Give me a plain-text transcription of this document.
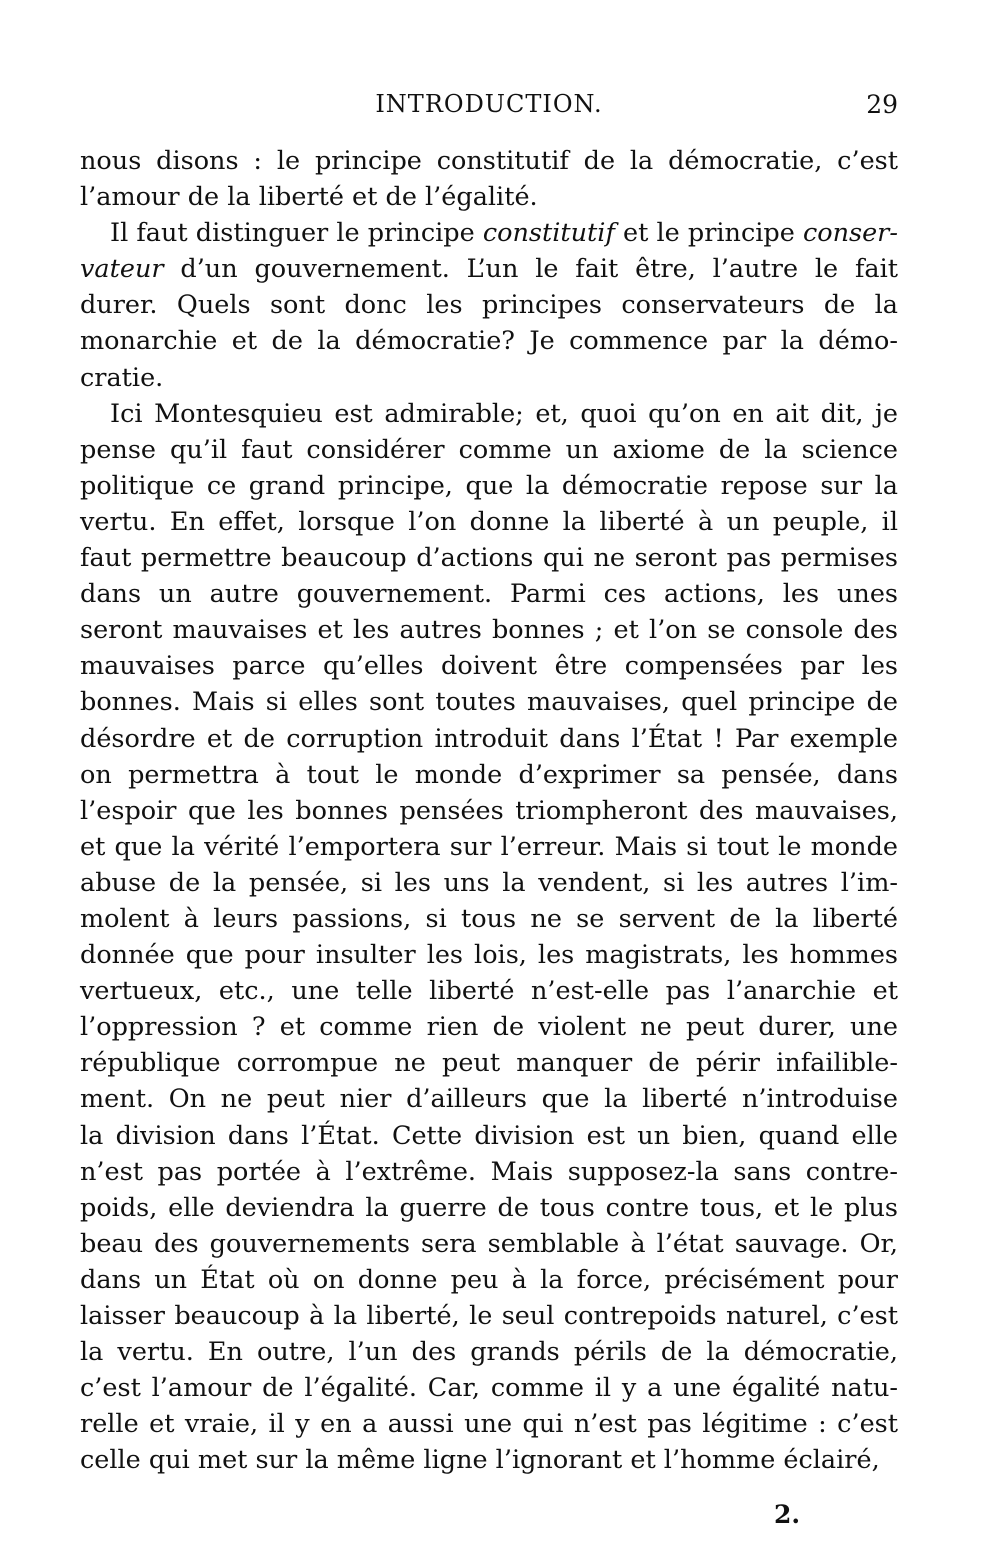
INTRODUCTION.	29
nous disons : le principe constitutif de la démocratie, c’est
l’amour de la liberté et de l’égalité.
Il faut distinguer le principe constitutif et le principe conser-
vateur d’un gouvernement. L’un le fait être, l’autre le fait
durer. Quels sont donc les principes conservateurs de la
monarchie et de la démocratie? Je commence par la démo-
cratie.
Ici Montesquieu est admirable; et, quoi qu’on en ait dit, je
pense qu’il faut considérer comme un axiome de la science
politique ce grand principe, que la démocratie repose sur la
vertu. En effet, lorsque l’on donne la liberté à un peuple, il
faut permettre beaucoup d’actions qui ne seront pas permises
dans un autre gouvernement. Parmi ces actions, les unes
seront mauvaises et les autres bonnes ; et l’on se console des
mauvaises parce qu’elles doivent être compensées par les
bonnes. Mais si elles sont toutes mauvaises, quel principe de
désordre et de corruption introduit dans l’État ! Par exemple
on permettra à tout le monde d’exprimer sa pensée, dans
l’espoir que les bonnes pensées triompheront des mauvaises,
et que la vérité l’emportera sur l’erreur. Mais si tout le monde
abuse de la pensée, si les uns la vendent, si les autres l’im-
molent à leurs passions, si tous ne se servent de la liberté
donnée que pour insulter les lois, les magistrats, les hommes
vertueux, etc., une telle liberté n’est-elle pas l’anarchie et
l’oppression ? et comme rien de violent ne peut durer, une
république corrompue ne peut manquer de périr infailible-
ment. On ne peut nier d’ailleurs que la liberté n’introduise
la division dans l’État. Cette division est un bien, quand elle
n’est pas portée à l’extrême. Mais supposez-la sans contre-
poids, elle deviendra la guerre de tous contre tous, et le plus
beau des gouvernements sera semblable à l’état sauvage. Or,
dans un État où on donne peu à la force, précisément pour
laisser beaucoup à la liberté, le seul contrepoids naturel, c’est
la vertu. En outre, l’un des grands périls de la démocratie,
c’est l’amour de l’égalité. Car, comme il y a une égalité natu-
relle et vraie, il y en a aussi une qui n’est pas légitime : c’est
celle qui met sur la même ligne l’ignorant et l’homme éclairé,
2.
